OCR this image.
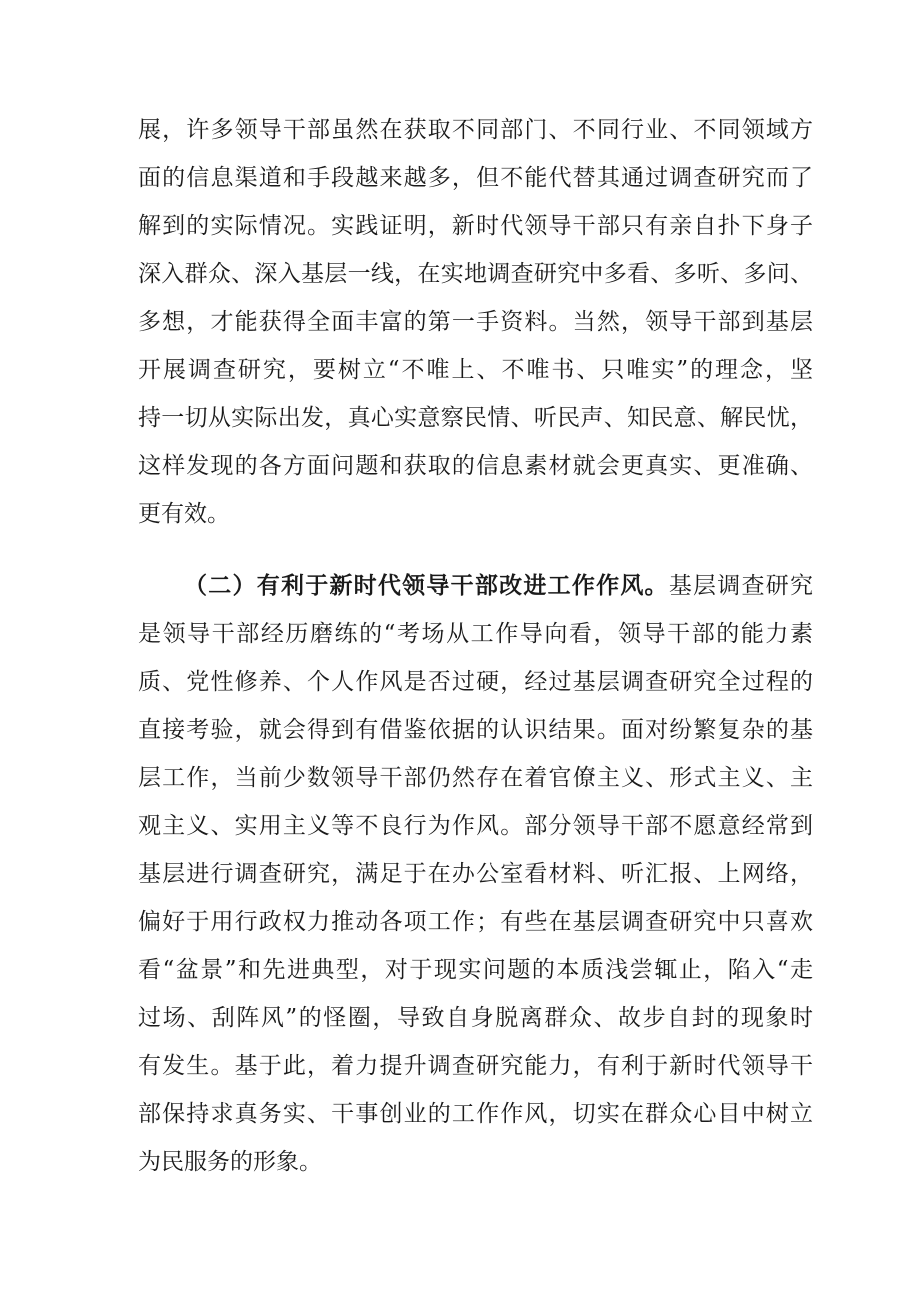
展，许多领导干部虽然在获取不同部门、不同行业、不同领域方
面的信息渠道和手段越来越多，但不能代替其通过调查研究而了
解到的实际情况。实践证明，新时代领导干部只有亲自扑下身子
深入群众、深入基层一线，在实地调查研究中多看、多听、多问、
多想，才能获得全面丰富的第一手资料。当然，领导干部到基层
开展调查研究，要树立“不唯上、不唯书、只唯实”的理念，坚
持一切从实际出发，真心实意察民情、听民声、知民意、解民忧，
这样发现的各方面问题和获取的信息素材就会更真实、更准确、
更有效。
（二）有利于新时代领导干部改进工作作风。基层调查研究
是领导干部经历磨练的“考场从工作导向看，领导干部的能力素
质、党性修养、个人作风是否过硬，经过基层调查研究全过程的
直接考验，就会得到有借鉴依据的认识结果。面对纷繁复杂的基
层工作，当前少数领导干部仍然存在着官僚主义、形式主义、主
观主义、实用主义等不良行为作风。部分领导干部不愿意经常到
基层进行调查研究，满足于在办公室看材料、听汇报、上网络，
偏好于用行政权力推动各项工作；有些在基层调查研究中只喜欢
看“盆景”和先进典型，对于现实问题的本质浅尝辄止，陷入“走
过场、刮阵风”的怪圈，导致自身脱离群众、故步自封的现象时
有发生。基于此，着力提升调查研究能力，有利于新时代领导干
部保持求真务实、干事创业的工作作风，切实在群众心目中树立
为民服务的形象。
